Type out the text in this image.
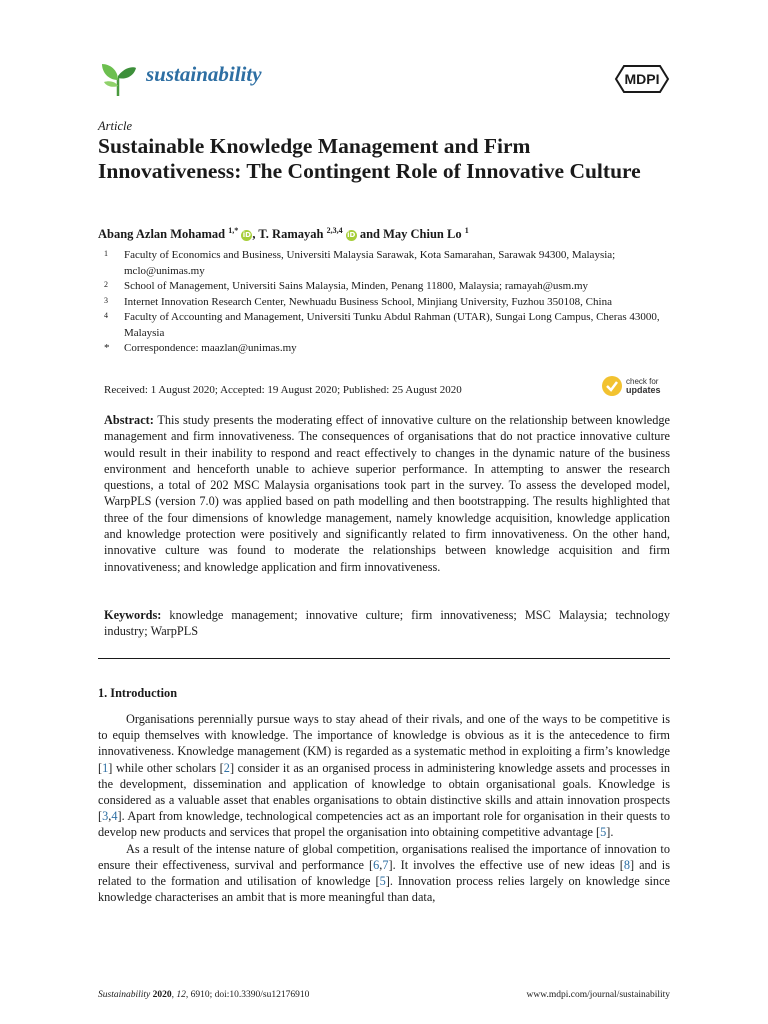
sustainability	MDPI
Article
Sustainable Knowledge Management and Firm Innovativeness: The Contingent Role of Innovative Culture
Abang Azlan Mohamad $^{1,*}$ iD, T. Ramayah $^{2,3,4}$ iD and May Chiun Lo $^1$
1 Faculty of Economics and Business, Universiti Malaysia Sarawak, Kota Samarahan, Sarawak 94300, Malaysia; mclo@unimas.my
2 School of Management, Universiti Sains Malaysia, Minden, Penang 11800, Malaysia; ramayah@usm.my
3 Internet Innovation Research Center, Newhuadu Business School, Minjiang University, Fuzhou 350108, China
4 Faculty of Accounting and Management, Universiti Tunku Abdul Rahman (UTAR), Sungai Long Campus, Cheras 43000, Malaysia
* Correspondence: maazlan@unimas.my
Received: 1 August 2020; Accepted: 19 August 2020; Published: 25 August 2020
check for
updates

Abstract: This study presents the moderating effect of innovative culture on the relationship between knowledge management and firm innovativeness. The consequences of organisations that do not practice innovative culture would result in their inability to respond and react effectively to changes in the dynamic nature of the business environment and henceforth unable to achieve superior performance. In attempting to answer the research questions, a total of 202 MSC Malaysia organisations took part in the survey. To assess the developed model, WarpPLS (version 7.0) was applied based on path modelling and then bootstrapping. The results highlighted that three of the four dimensions of knowledge management, namely knowledge acquisition, knowledge application and knowledge protection were positively and significantly related to firm innovativeness. On the other hand, innovative culture was found to moderate the relationships between knowledge acquisition and firm innovativeness; and knowledge application and firm innovativeness.

Keywords: knowledge management; innovative culture; firm innovativeness; MSC Malaysia; technology industry; WarpPLS

1. Introduction

Organisations perennially pursue ways to stay ahead of their rivals, and one of the ways to be competitive is to equip themselves with knowledge. The importance of knowledge is obvious as it is the antecedence to firm innovativeness. Knowledge management (KM) is regarded as a systematic method in exploiting a firm’s knowledge [1] while other scholars [2] consider it as an organised process in administering knowledge assets and processes in the development, dissemination and application of knowledge to obtain organisational goals. Knowledge is considered as a valuable asset that enables organisations to obtain distinctive skills and attain innovation prospects [3,4]. Apart from knowledge, technological competencies act as an important role for organisation in their quests to develop new products and services that propel the organisation into obtaining competitive advantage [5].

As a result of the intense nature of global competition, organisations realised the importance of innovation to ensure their effectiveness, survival and performance [6,7]. It involves the effective use of new ideas [8] and is related to the formation and utilisation of knowledge [5]. Innovation process relies largely on knowledge since knowledge characterises an ambit that is more meaningful than data,

Sustainability 2020, 12, 6910; doi:10.3390/su12176910	www.mdpi.com/journal/sustainability
